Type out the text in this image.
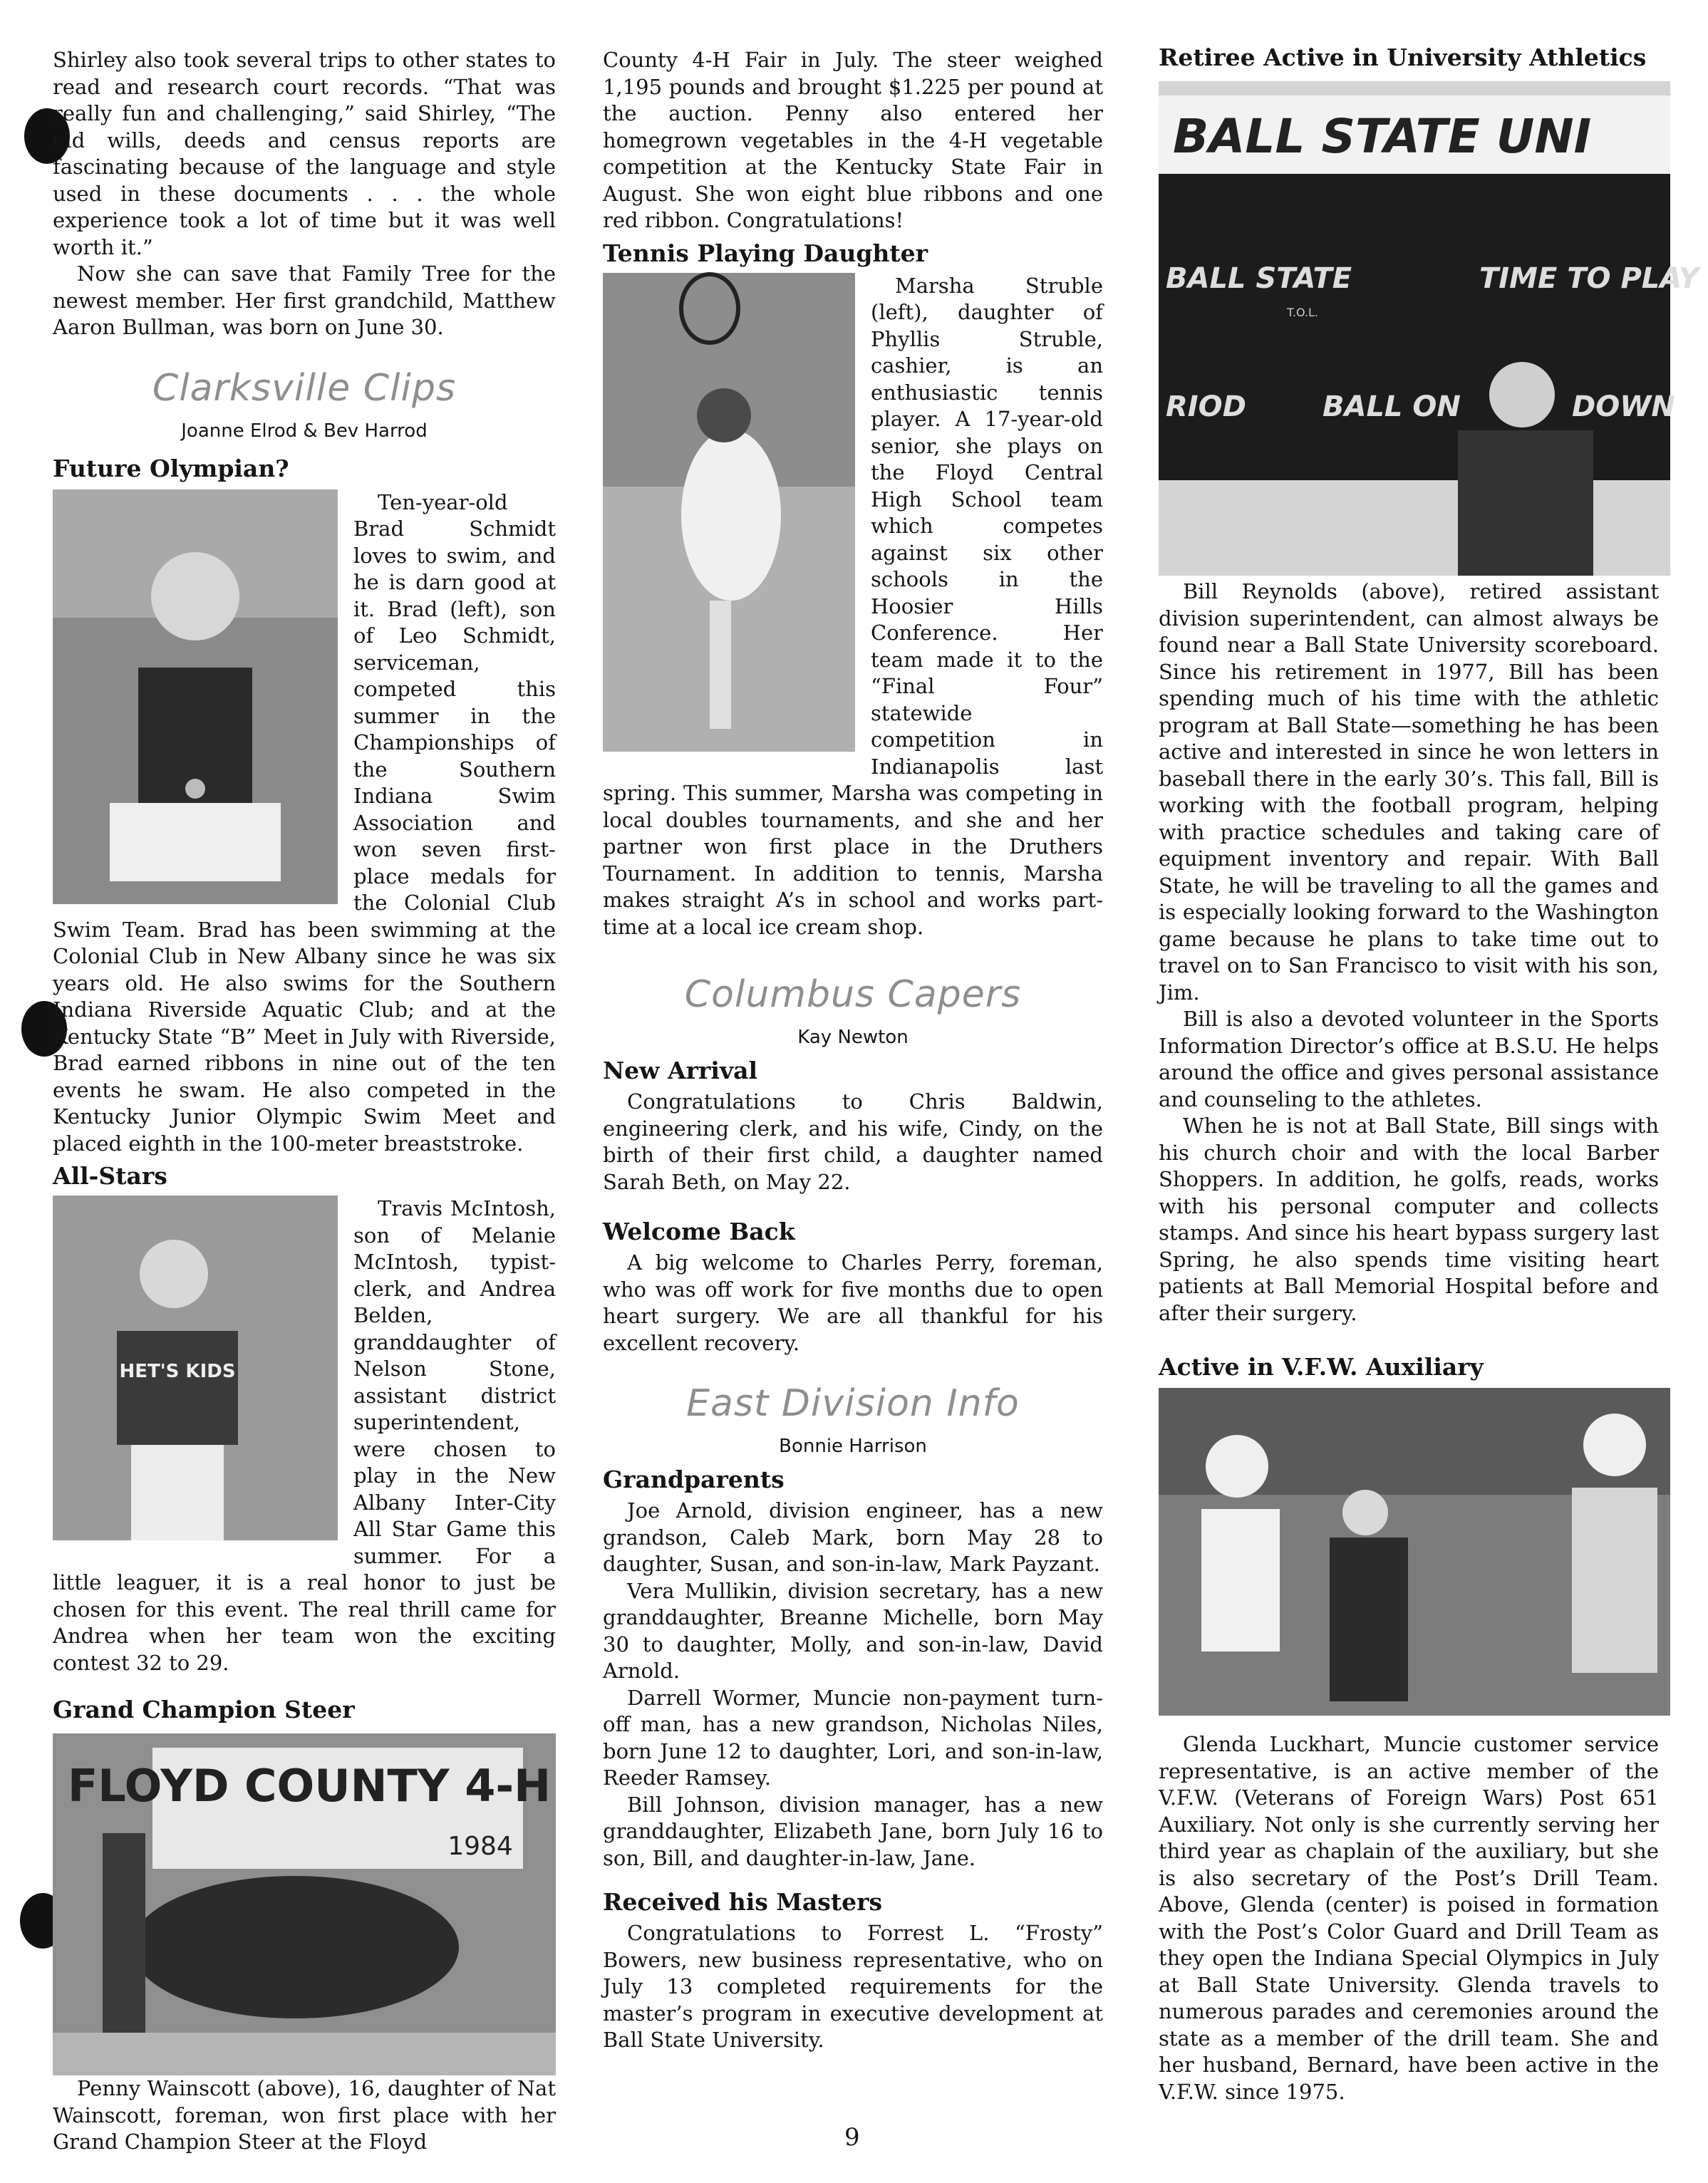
Shirley also took several trips to other states to read and research court records. “That was really fun and challenging,” said Shirley, “The old wills, deeds and census reports are fascinating because of the language and style used in these documents . . . the whole experience took a lot of time but it was well worth it.”

Now she can save that Family Tree for the newest member. Her first grandchild, Matthew Aaron Bullman, was born on June 30.

Clarksville Clips
Joanne Elrod & Bev Harrod
Future Olympian?

Ten-year-old Brad Schmidt loves to swim, and he is darn good at it. Brad (left), son of Leo Schmidt, serviceman, competed this summer in the Championships of the Southern Indiana Swim Association and won seven first-place medals for the Colonial Club Swim Team. Brad has been swimming at the Colonial Club in New Albany since he was six years old. He also swims for the Southern Indiana Riverside Aquatic Club; and at the Kentucky State “B” Meet in July with Riverside, Brad earned ribbons in nine out of the ten events he swam. He also competed in the Kentucky Junior Olympic Swim Meet and placed eighth in the 100-meter breaststroke.

All-Stars
HET'S KIDS

Travis McIntosh, son of Melanie McIntosh, typist-clerk, and Andrea Belden, granddaughter of Nelson Stone, assistant district superintendent, were chosen to play in the New Albany Inter-City All Star Game this summer. For a little leaguer, it is a real honor to just be chosen for this event. The real thrill came for Andrea when her team won the exciting contest 32 to 29.

Grand Champion Steer
FLOYD COUNTY 4-H
1984

Penny Wainscott (above), 16, daughter of Nat Wainscott, foreman, won first place with her Grand Champion Steer at the Floyd

County 4-H Fair in July. The steer weighed 1,195 pounds and brought $1.225 per pound at the auction. Penny also entered her homegrown vegetables in the 4-H vegetable competition at the Kentucky State Fair in August. She won eight blue ribbons and one red ribbon. Congratulations!

Tennis Playing Daughter

Marsha Struble (left), daughter of Phyllis Struble, cashier, is an enthusiastic tennis player. A 17-year-old senior, she plays on the Floyd Central High School team which competes against six other schools in the Hoosier Hills Conference. Her team made it to the “Final Four” statewide competition in Indianapolis last spring. This summer, Marsha was competing in local doubles tournaments, and she and her partner won first place in the Druthers Tournament. In addition to tennis, Marsha makes straight A’s in school and works part-time at a local ice cream shop.

Columbus Capers
Kay Newton
New Arrival

Congratulations to Chris Baldwin, engineering clerk, and his wife, Cindy, on the birth of their first child, a daughter named Sarah Beth, on May 22.

Welcome Back

A big welcome to Charles Perry, foreman, who was off work for five months due to open heart surgery. We are all thankful for his excellent recovery.

East Division Info
Bonnie Harrison
Grandparents

Joe Arnold, division engineer, has a new grandson, Caleb Mark, born May 28 to daughter, Susan, and son-in-law, Mark Payzant.

Vera Mullikin, division secretary, has a new granddaughter, Breanne Michelle, born May 30 to daughter, Molly, and son-in-law, David Arnold.

Darrell Wormer, Muncie non-payment turn-off man, has a new grandson, Nicholas Niles, born June 12 to daughter, Lori, and son-in-law, Reeder Ramsey.

Bill Johnson, division manager, has a new granddaughter, Elizabeth Jane, born July 16 to son, Bill, and daughter-in-law, Jane.

Received his Masters

Congratulations to Forrest L. “Frosty” Bowers, new business representative, who on July 13 completed requirements for the master’s program in executive development at Ball State University.

Retiree Active in University Athletics
BALL STATE UNI
BALL STATE	TIME TO PLAY
T.O.L.
RIOD	BALL ON	DOWN

Bill Reynolds (above), retired assistant division superintendent, can almost always be found near a Ball State University scoreboard. Since his retirement in 1977, Bill has been spending much of his time with the athletic program at Ball State—something he has been active and interested in since he won letters in baseball there in the early 30’s. This fall, Bill is working with the football program, helping with practice schedules and taking care of equipment inventory and repair. With Ball State, he will be traveling to all the games and is especially looking forward to the Washington game because he plans to take time out to travel on to San Francisco to visit with his son, Jim.

Bill is also a devoted volunteer in the Sports Information Director’s office at B.S.U. He helps around the office and gives personal assistance and counseling to the athletes.

When he is not at Ball State, Bill sings with his church choir and with the local Barber Shoppers. In addition, he golfs, reads, works with his personal computer and collects stamps. And since his heart bypass surgery last Spring, he also spends time visiting heart patients at Ball Memorial Hospital before and after their surgery.

Active in V.F.W. Auxiliary

Glenda Luckhart, Muncie customer service representative, is an active member of the V.F.W. (Veterans of Foreign Wars) Post 651 Auxiliary. Not only is she currently serving her third year as chaplain of the auxiliary, but she is also secretary of the Post’s Drill Team. Above, Glenda (center) is poised in formation with the Post’s Color Guard and Drill Team as they open the Indiana Special Olympics in July at Ball State University. Glenda travels to numerous parades and ceremonies around the state as a member of the drill team. She and her husband, Bernard, have been active in the V.F.W. since 1975.

9
